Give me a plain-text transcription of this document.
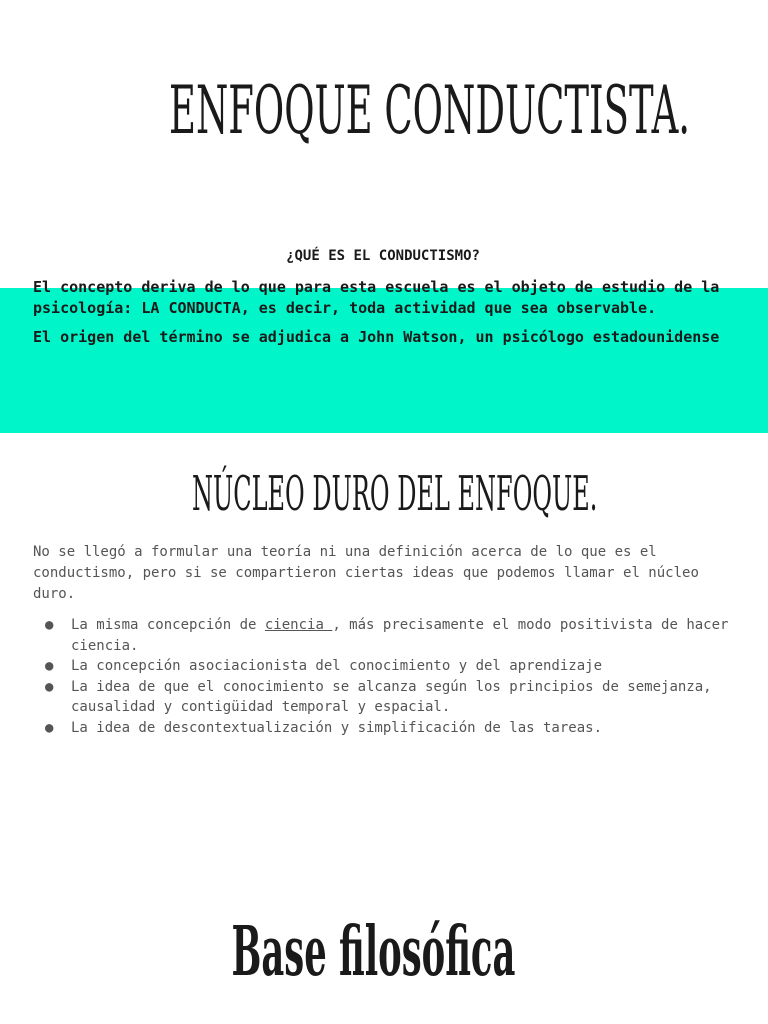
ENFOQUE CONDUCTISTA.
¿QUÉ ES EL CONDUCTISMO?

El concepto deriva de lo que para esta escuela es el objeto de estudio de la psicología: LA CONDUCTA, es decir, toda actividad que sea observable.

El origen del término se adjudica a John Watson, un psicólogo estadounidense

NÚCLEO DURO DEL ENFOQUE.

No se llegó a formular una teoría ni una definición acerca de lo que es el conductismo, pero si se compartieron ciertas ideas que podemos llamar el núcleo duro.

● La misma concepción de ciencia , más precisamente el modo positivista de hacer ciencia.
● La concepción asociacionista del conocimiento y del aprendizaje
● La idea de que el conocimiento se alcanza según los principios de semejanza, causalidad y contigüidad temporal y espacial.
● La idea de descontextualización y simplificación de las tareas.
Base filosófica
